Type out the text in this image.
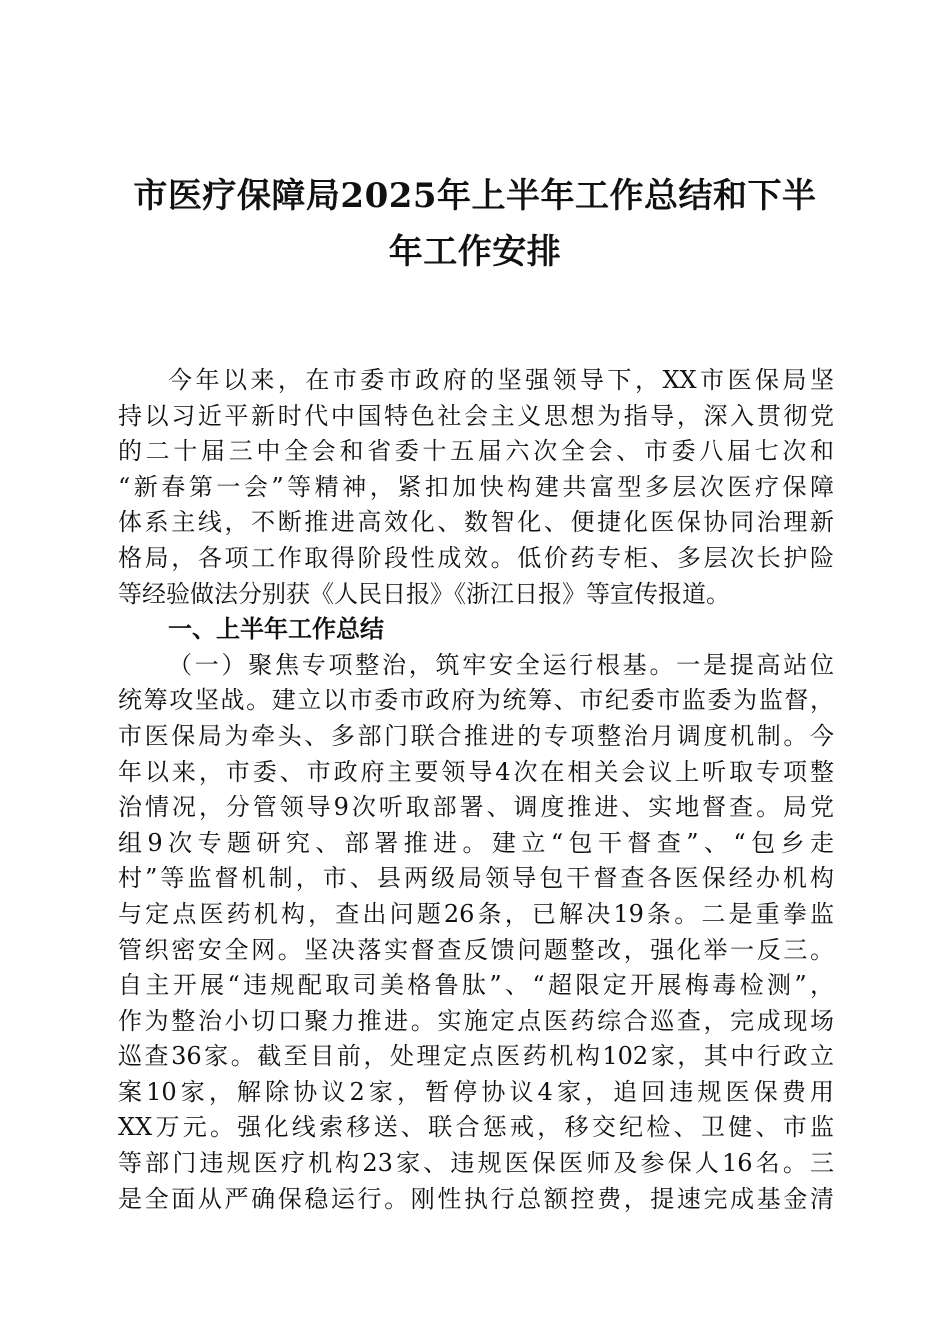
市医疗保障局2025年上半年工作总结和下半
年工作安排
今年以来，在市委市政府的坚强领导下，XX市医保局坚
持以习近平新时代中国特色社会主义思想为指导，深入贯彻党
的二十届三中全会和省委十五届六次全会、市委八届七次和
“新春第一会”等精神，紧扣加快构建共富型多层次医疗保障
体系主线，不断推进高效化、数智化、便捷化医保协同治理新
格局，各项工作取得阶段性成效。低价药专柜、多层次长护险
等经验做法分别获《人民日报》《浙江日报》等宣传报道。
一、上半年工作总结
（一）聚焦专项整治，筑牢安全运行根基。一是提高站位
统筹攻坚战。建立以市委市政府为统筹、市纪委市监委为监督，
市医保局为牵头、多部门联合推进的专项整治月调度机制。今
年以来，市委、市政府主要领导4次在相关会议上听取专项整
治情况，分管领导9次听取部署、调度推进、实地督查。局党
组9次专题研究、部署推进。建立“包干督查”、“包乡走
村”等监督机制，市、县两级局领导包干督查各医保经办机构
与定点医药机构，查出问题26条，已解决19条。二是重拳监
管织密安全网。坚决落实督查反馈问题整改，强化举一反三。
自主开展“违规配取司美格鲁肽”、“超限定开展梅毒检测”，
作为整治小切口聚力推进。实施定点医药综合巡查，完成现场
巡查36家。截至目前，处理定点医药机构102家，其中行政立
案10家，解除协议2家，暂停协议4家，追回违规医保费用
XX万元。强化线索移送、联合惩戒，移交纪检、卫健、市监
等部门违规医疗机构23家、违规医保医师及参保人16名。三
是全面从严确保稳运行。刚性执行总额控费，提速完成基金清
